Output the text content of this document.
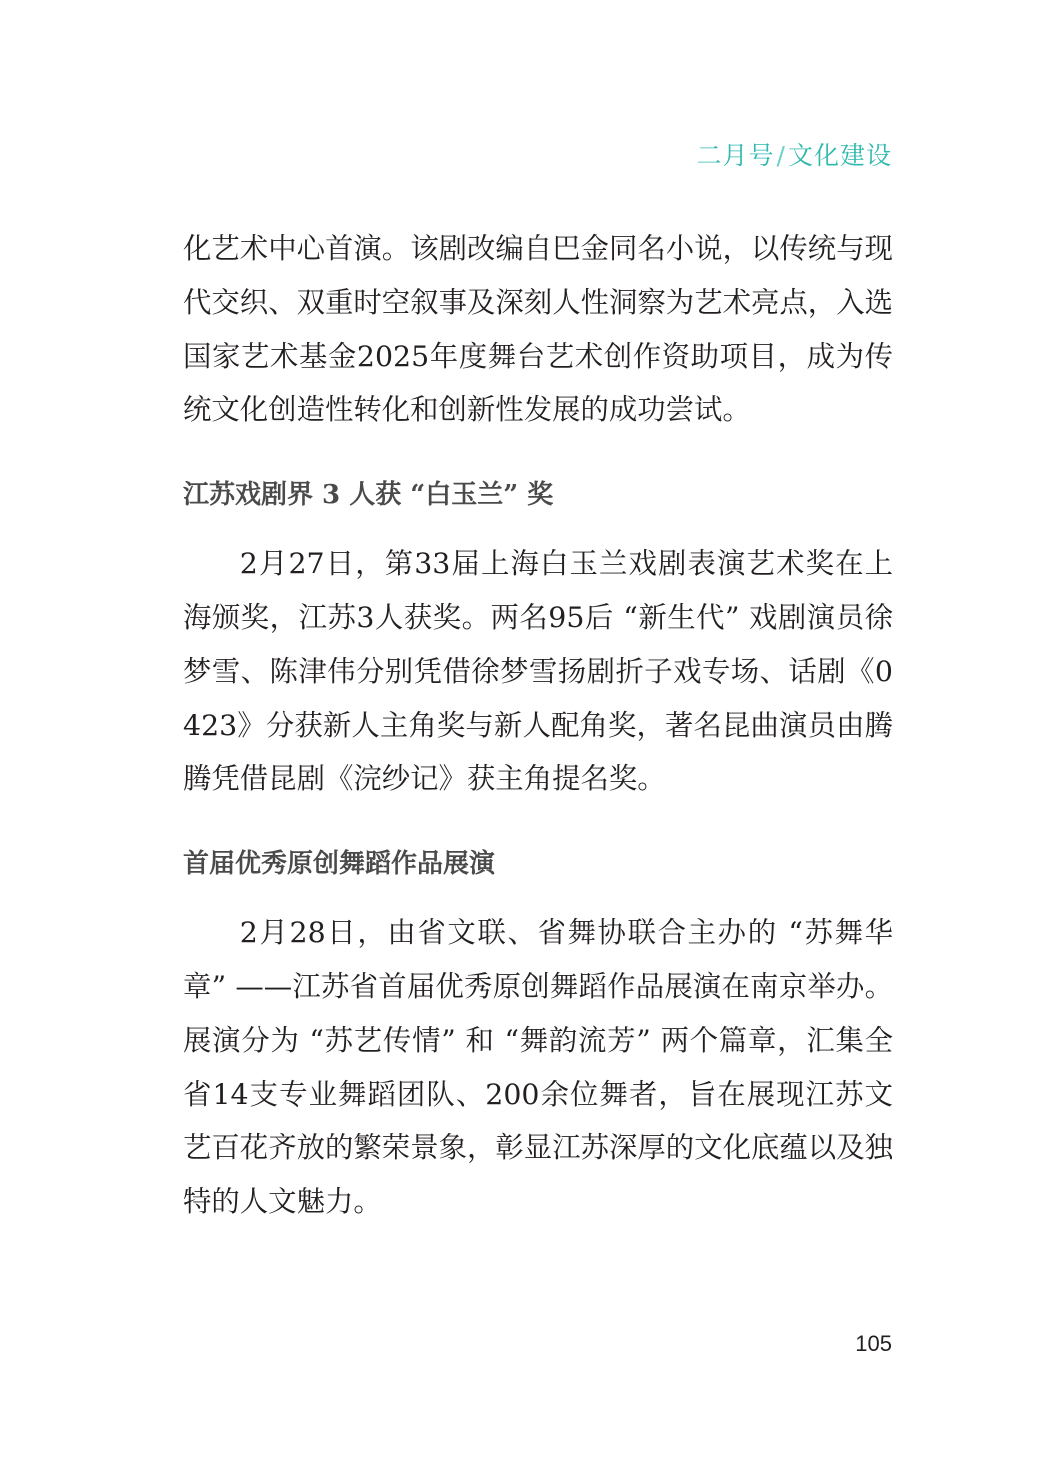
二月号/文化建设

化艺术中心首演。该剧改编自巴金同名小说，以传统与现代交织、双重时空叙事及深刻人性洞察为艺术亮点，入选国家艺术基金2025年度舞台艺术创作资助项目，成为传统文化创造性转化和创新性发展的成功尝试。

江苏戏剧界 3 人获 “白玉兰” 奖

2月27日，第33届上海白玉兰戏剧表演艺术奖在上海颁奖，江苏3人获奖。两名95后 “新生代” 戏剧演员徐梦雪、陈津伟分别凭借徐梦雪扬剧折子戏专场、话剧《0423》分获新人主角奖与新人配角奖，著名昆曲演员由腾腾凭借昆剧《浣纱记》获主角提名奖。

首届优秀原创舞蹈作品展演

2月28日，由省文联、省舞协联合主办的 “苏舞华章” ——江苏省首届优秀原创舞蹈作品展演在南京举办。展演分为 “苏艺传情” 和 “舞韵流芳” 两个篇章，汇集全省14支专业舞蹈团队、200余位舞者，旨在展现江苏文艺百花齐放的繁荣景象，彰显江苏深厚的文化底蕴以及独特的人文魅力。

105
